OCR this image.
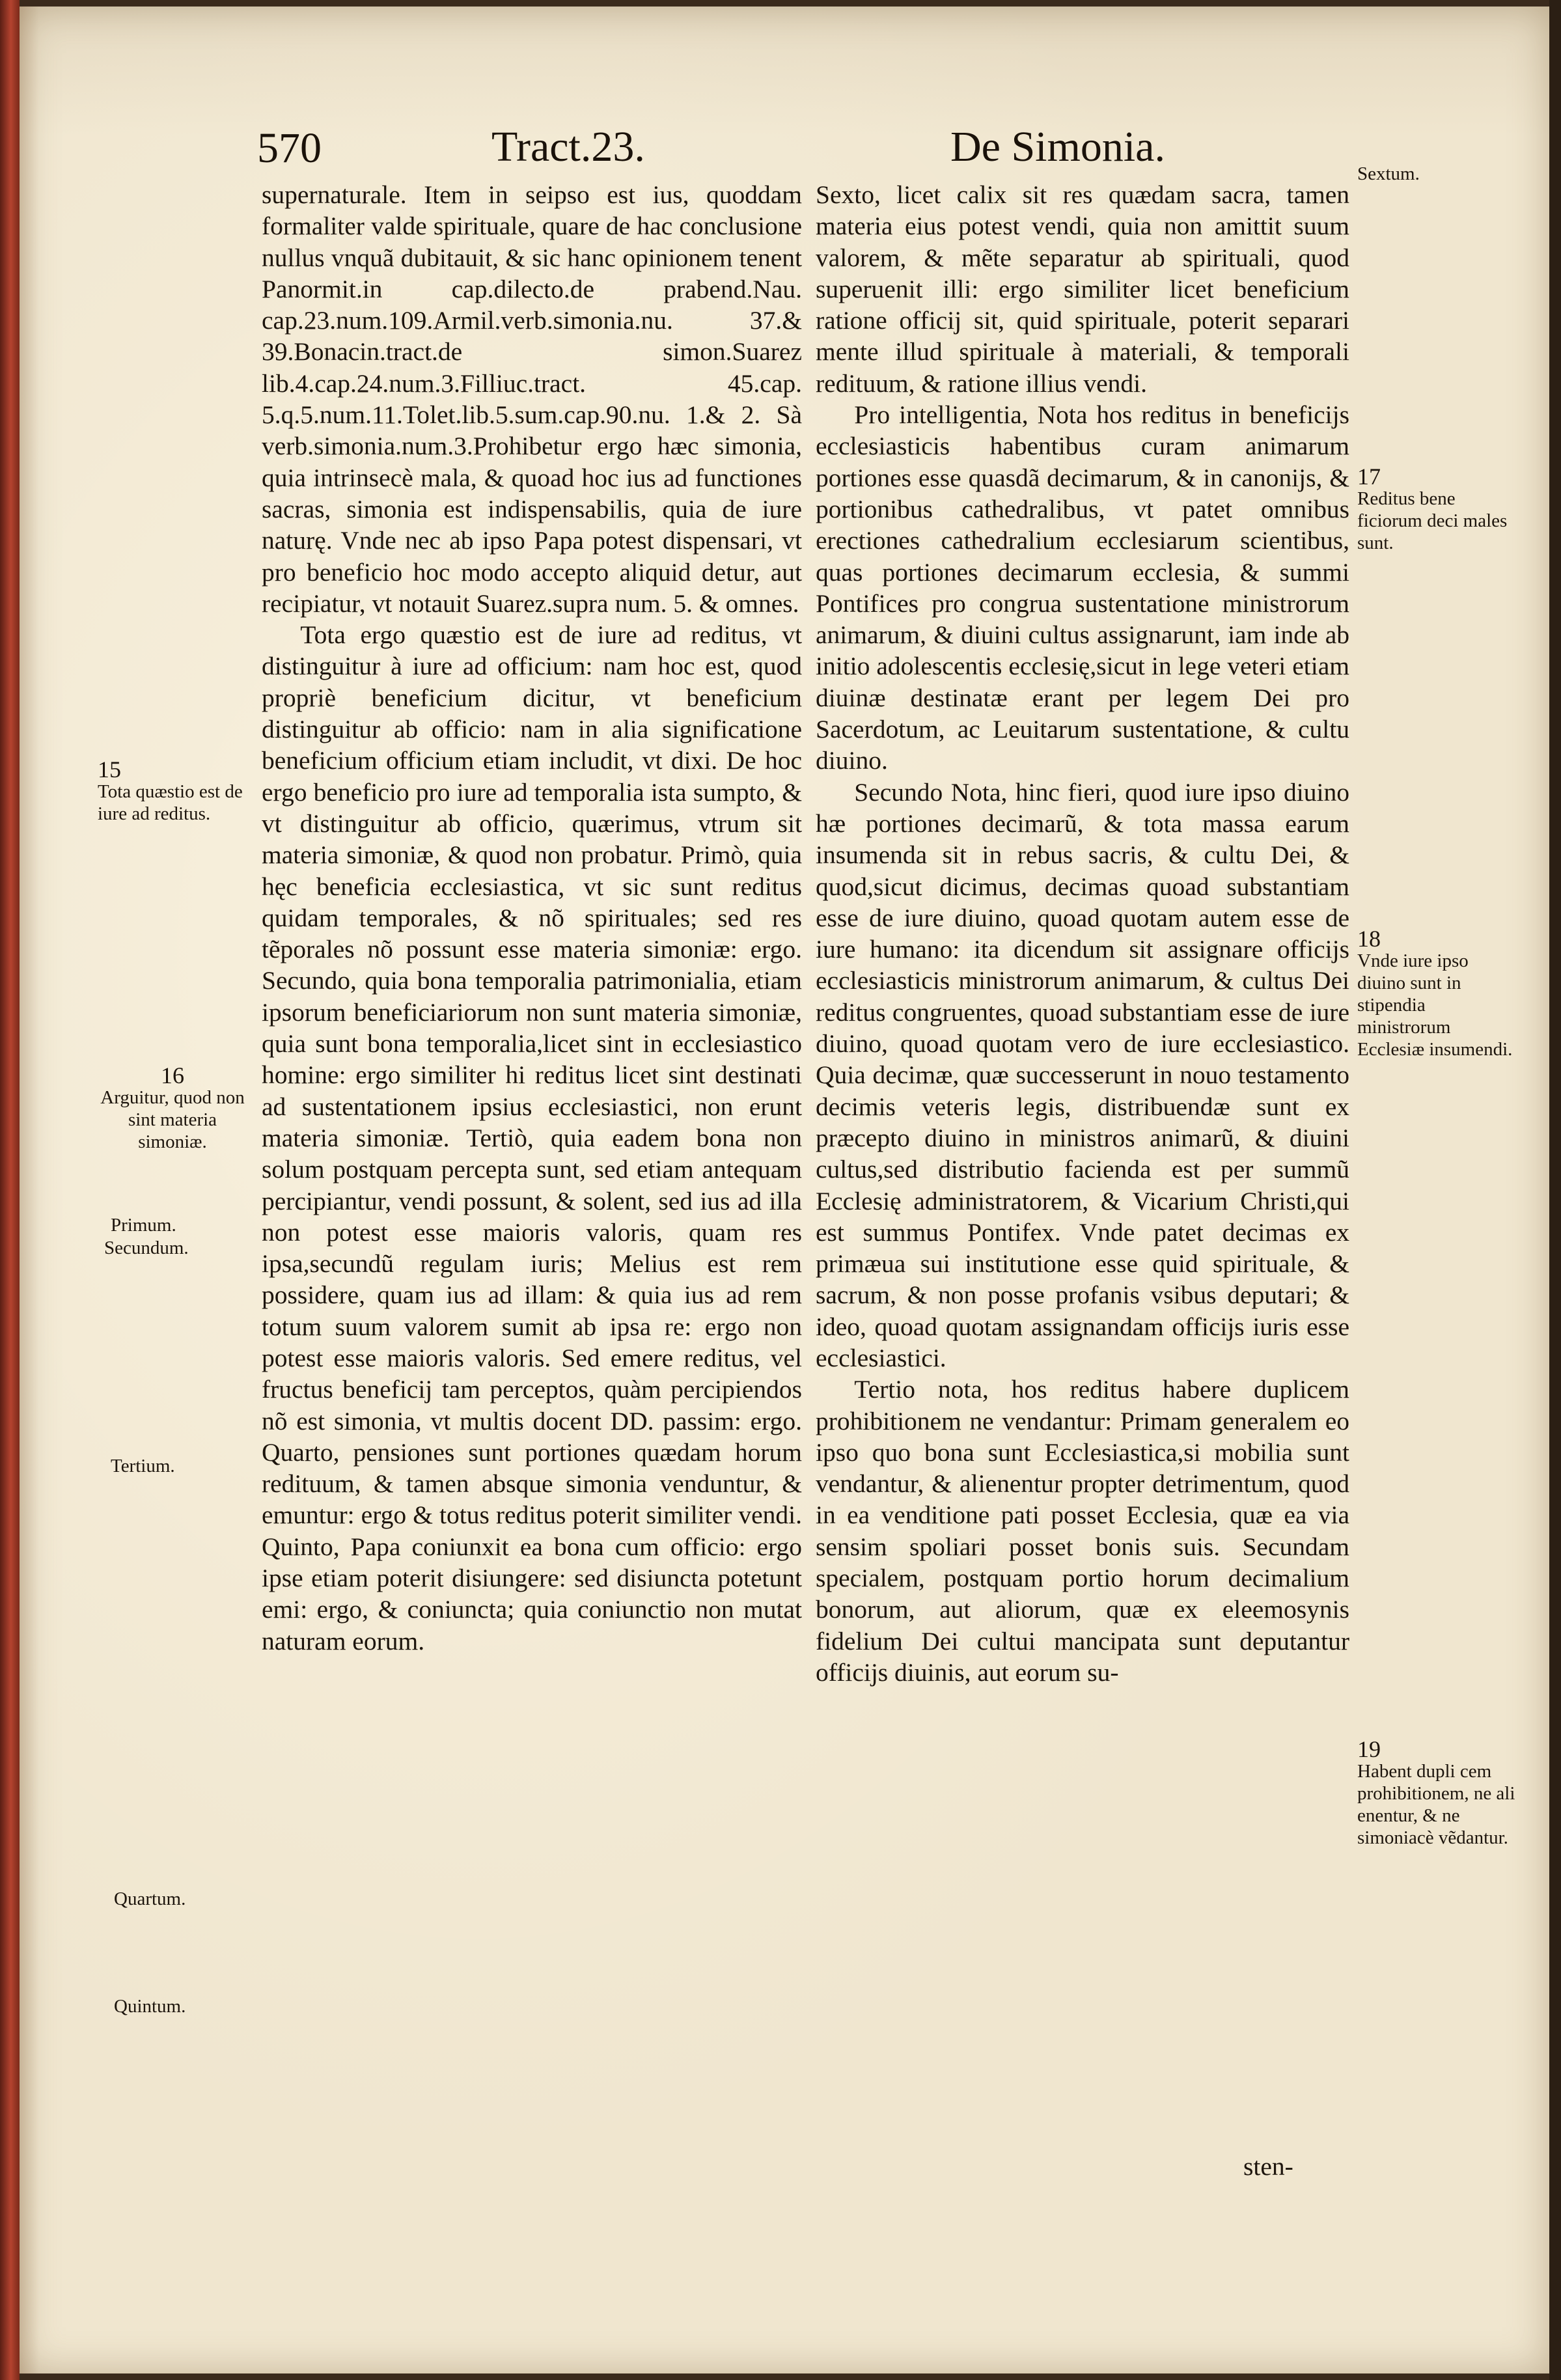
570	Tract.23.	De Simonia.

supernaturale. Item in seipso est ius, quoddam formaliter valde spirituale, quare de hac conclusione nullus vnquã dubitauit, & sic hanc opinionem tenent Panormit.in cap.dilecto.de prabend.Nau. cap.23.num.109.Armil.verb.simonia.nu. 37.& 39.Bonacin.tract.de simon.Suarez lib.4.cap.24.num.3.Filliuc.tract. 45.cap. 5.q.5.num.11.Tolet.lib.5.sum.cap.90.nu. 1.& 2. Sà verb.simonia.num.3.Prohibetur ergo hæc simonia, quia intrinsecè mala, & quoad hoc ius ad functiones sacras, simonia est indispensabilis, quia de iure naturę. Vnde nec ab ipso Papa potest dispensari, vt pro beneficio hoc modo accepto aliquid detur, aut recipiatur, vt notauit Suarez.supra num. 5. & omnes.

Tota ergo quæstio est de iure ad reditus, vt distinguitur à iure ad officium: nam hoc est, quod propriè beneficium dicitur, vt beneficium distinguitur ab officio: nam in alia significatione beneficium officium etiam includit, vt dixi. De hoc ergo beneficio pro iure ad temporalia ista sumpto, & vt distinguitur ab officio, quærimus, vtrum sit materia simoniæ, & quod non probatur. Primò, quia hęc beneficia ecclesiastica, vt sic sunt reditus quidam temporales, & nõ spirituales; sed res tẽporales nõ possunt esse materia simoniæ: ergo. Secundo, quia bona temporalia patrimonialia, etiam ipsorum beneficiariorum non sunt materia simoniæ, quia sunt bona temporalia,licet sint in ecclesiastico homine: ergo similiter hi reditus licet sint destinati ad sustentationem ipsius ecclesiastici, non erunt materia simoniæ. Tertiò, quia eadem bona non solum postquam percepta sunt, sed etiam antequam percipiantur, vendi possunt, & solent, sed ius ad illa non potest esse maioris valoris, quam res ipsa,secundũ regulam iuris; Melius est rem possidere, quam ius ad illam: & quia ius ad rem totum suum valorem sumit ab ipsa re: ergo non potest esse maioris valoris. Sed emere reditus, vel fructus beneficij tam perceptos, quàm percipiendos nõ est simonia, vt multis docent DD. passim: ergo. Quarto, pensiones sunt portiones quædam horum redituum, & tamen absque simonia venduntur, & emuntur: ergo & totus reditus poterit similiter vendi. Quinto, Papa coniunxit ea bona cum officio: ergo ipse etiam poterit disiungere: sed disiuncta potetunt emi: ergo, & coniuncta; quia coniunctio non mutat naturam eorum.

Sexto, licet calix sit res quædam sacra, tamen materia eius potest vendi, quia non amittit suum valorem, & mẽte separatur ab spirituali, quod superuenit illi: ergo similiter licet beneficium ratione officij sit, quid spirituale, poterit separari mente illud spirituale à materiali, & temporali redituum, & ratione illius vendi.

Pro intelligentia, Nota hos reditus in beneficijs ecclesiasticis habentibus curam animarum portiones esse quasdã decimarum, & in canonijs, & portionibus cathedralibus, vt patet omnibus erectiones cathedralium ecclesiarum scientibus, quas portiones decimarum ecclesia, & summi Pontifices pro congrua sustentatione ministrorum animarum, & diuini cultus assignarunt, iam inde ab initio adolescentis ecclesię,sicut in lege veteri etiam diuinæ destinatæ erant per legem Dei pro Sacerdotum, ac Leuitarum sustentatione, & cultu diuino.

Secundo Nota, hinc fieri, quod iure ipso diuino hæ portiones decimarũ, & tota massa earum insumenda sit in rebus sacris, & cultu Dei, & quod,sicut dicimus, decimas quoad substantiam esse de iure diuino, quoad quotam autem esse de iure humano: ita dicendum sit assignare officijs ecclesiasticis ministrorum animarum, & cultus Dei reditus congruentes, quoad substantiam esse de iure diuino, quoad quotam vero de iure ecclesiastico. Quia decimæ, quæ successerunt in nouo testamento decimis veteris legis, distribuendæ sunt ex præcepto diuino in ministros animarũ, & diuini cultus,sed distributio facienda est per summũ Ecclesię administratorem, & Vicarium Christi,qui est summus Pontifex. Vnde patet decimas ex primæua sui institutione esse quid spirituale, & sacrum, & non posse profanis vsibus deputari; & ideo, quoad quotam assignandam officijs iuris esse ecclesiastici.

Tertio nota, hos reditus habere duplicem prohibitionem ne vendantur: Primam generalem eo ipso quo bona sunt Ecclesiastica,si mobilia sunt vendantur, & alienentur propter detrimentum, quod in ea venditione pati posset Ecclesia, quæ ea via sensim spoliari posset bonis suis. Secundam specialem, postquam portio horum decimalium bonorum, aut aliorum, quæ ex eleemosynis fidelium Dei cultui mancipata sunt deputantur officijs diuinis, aut eorum su-

sten-
Sextum.
17
Reditus bene ficiorum deci males sunt.
18
Vnde iure ipso diuino sunt in stipendia ministrorum Ecclesiæ insumendi.
19
Habent dupli cem prohibitionem, ne ali enentur, & ne simoniacè vẽdantur.
15
Tota quæstio est de iure ad reditus.
16
Arguitur, quod non sint materia simoniæ.
Primum.
Secundum.
Tertium.
Quartum.
Quintum.
